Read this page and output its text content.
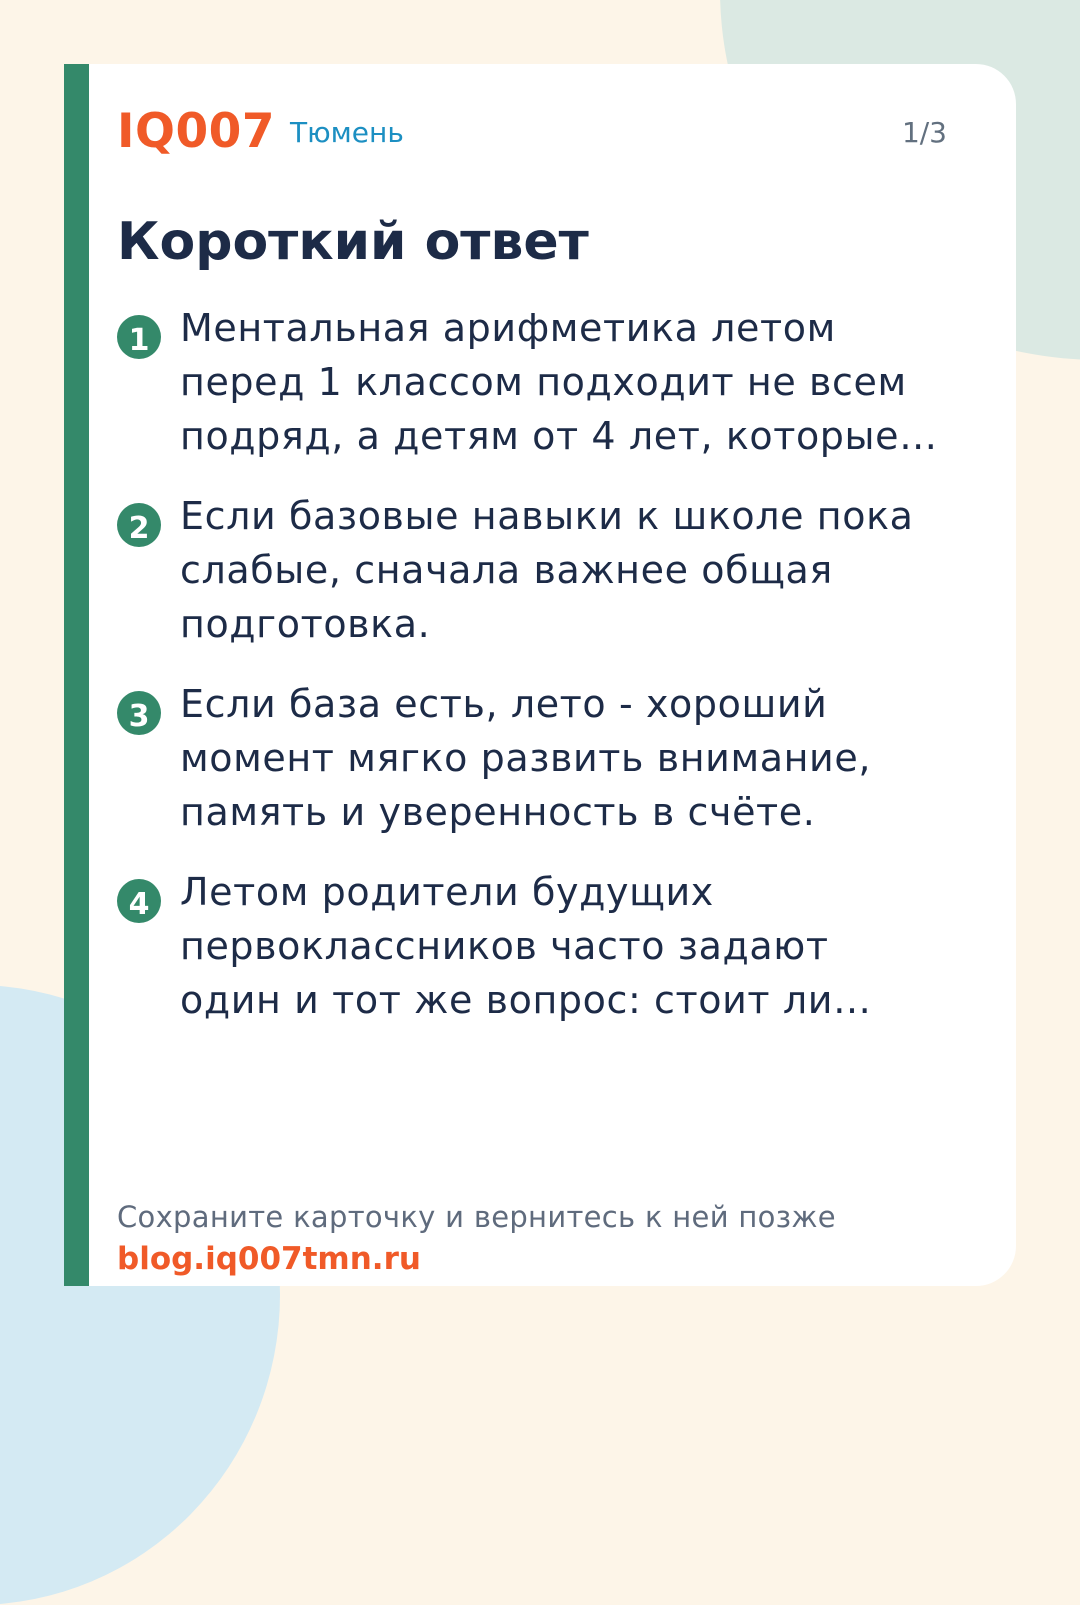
IQ007 Тюмень	1/3
Короткий ответ
1 Ментальная арифметика летом
перед 1 классом подходит не всем
подряд, а детям от 4 лет, которые…
2 Если базовые навыки к школе пока
слабые, сначала важнее общая
подготовка.
3 Если база есть, лето - хороший
момент мягко развить внимание,
память и уверенность в счёте.
4 Летом родители будущих
первоклассников часто задают
один и тот же вопрос: стоит ли…
Сохраните карточку и вернитесь к ней позже
blog.iq007tmn.ru
